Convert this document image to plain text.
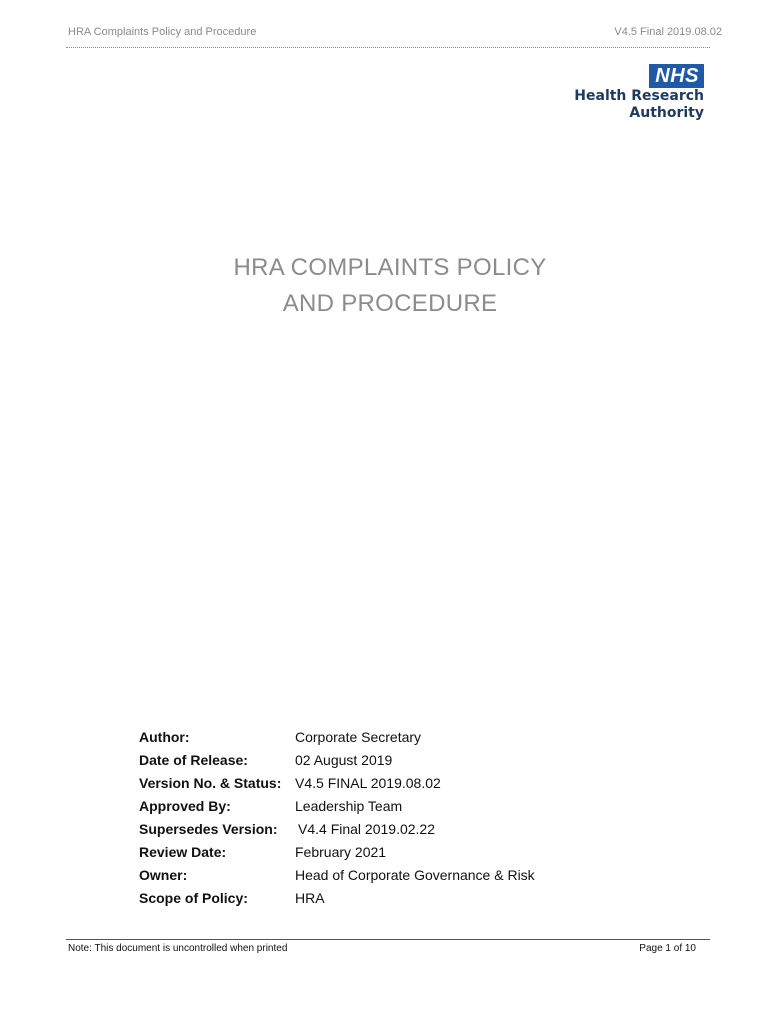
HRA Complaints Policy and Procedure	V4.5 Final 2019.08.02
NHS
Health Research
Authority
HRA COMPLAINTS POLICY
AND PROCEDURE
Author:	Corporate Secretary
Date of Release:	02 August 2019
Version No. & Status: V4.5 FINAL 2019.08.02
Approved By:	Leadership Team
Supersedes Version: V4.4 Final 2019.02.22
Review Date:	February 2021
Owner:	Head of Corporate Governance & Risk
Scope of Policy:	HRA
Note: This document is uncontrolled when printed	Page 1 of 10
